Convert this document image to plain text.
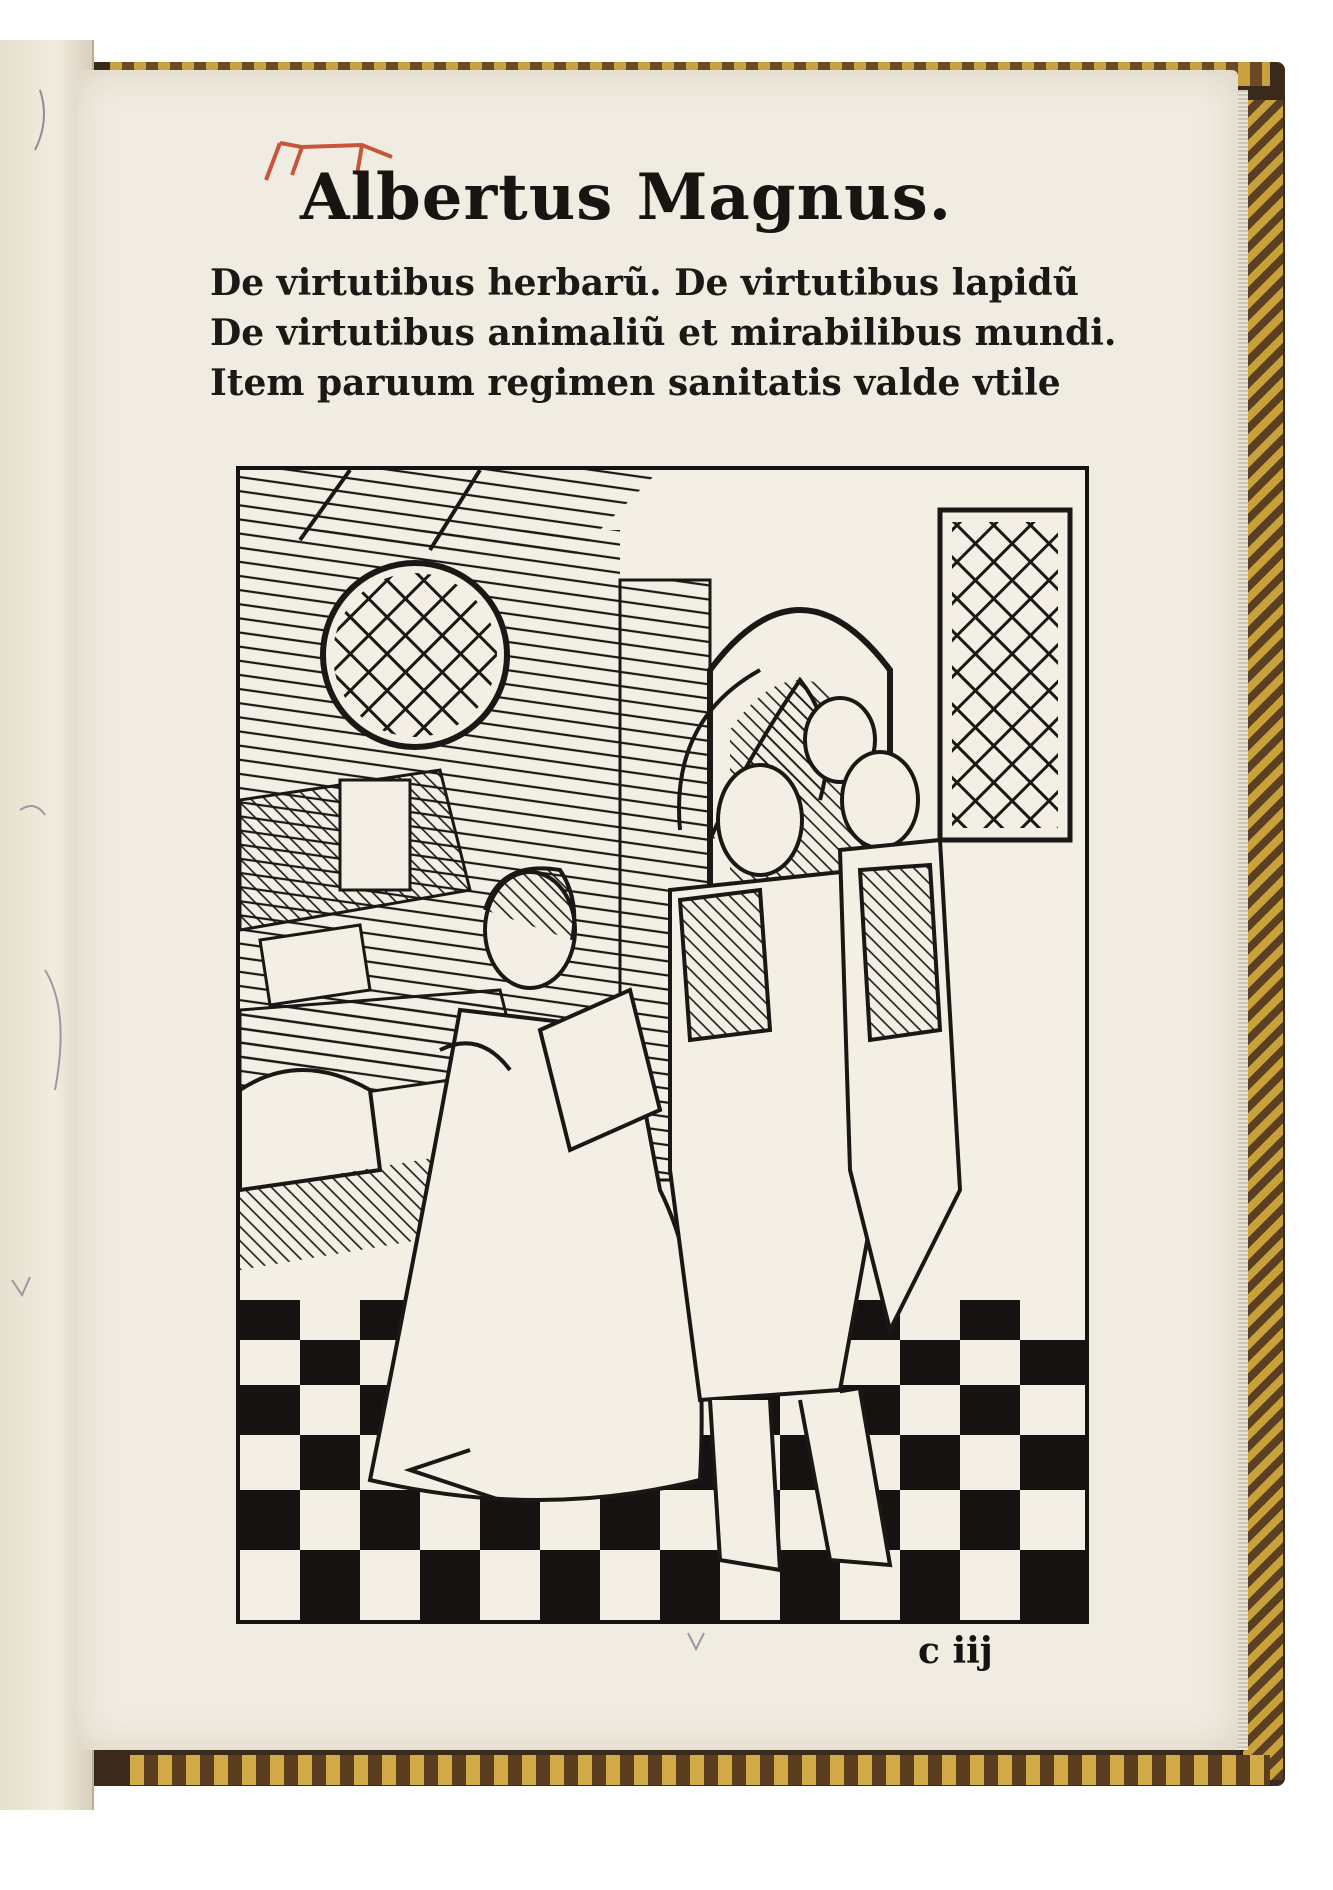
Albertus Magnus.
De virtutibus herbarũ. De virtutibus lapidũ
De virtutibus animaliũ et mirabilibus mundi.
Item paruum regimen sanitatis valde vtile
c iij
